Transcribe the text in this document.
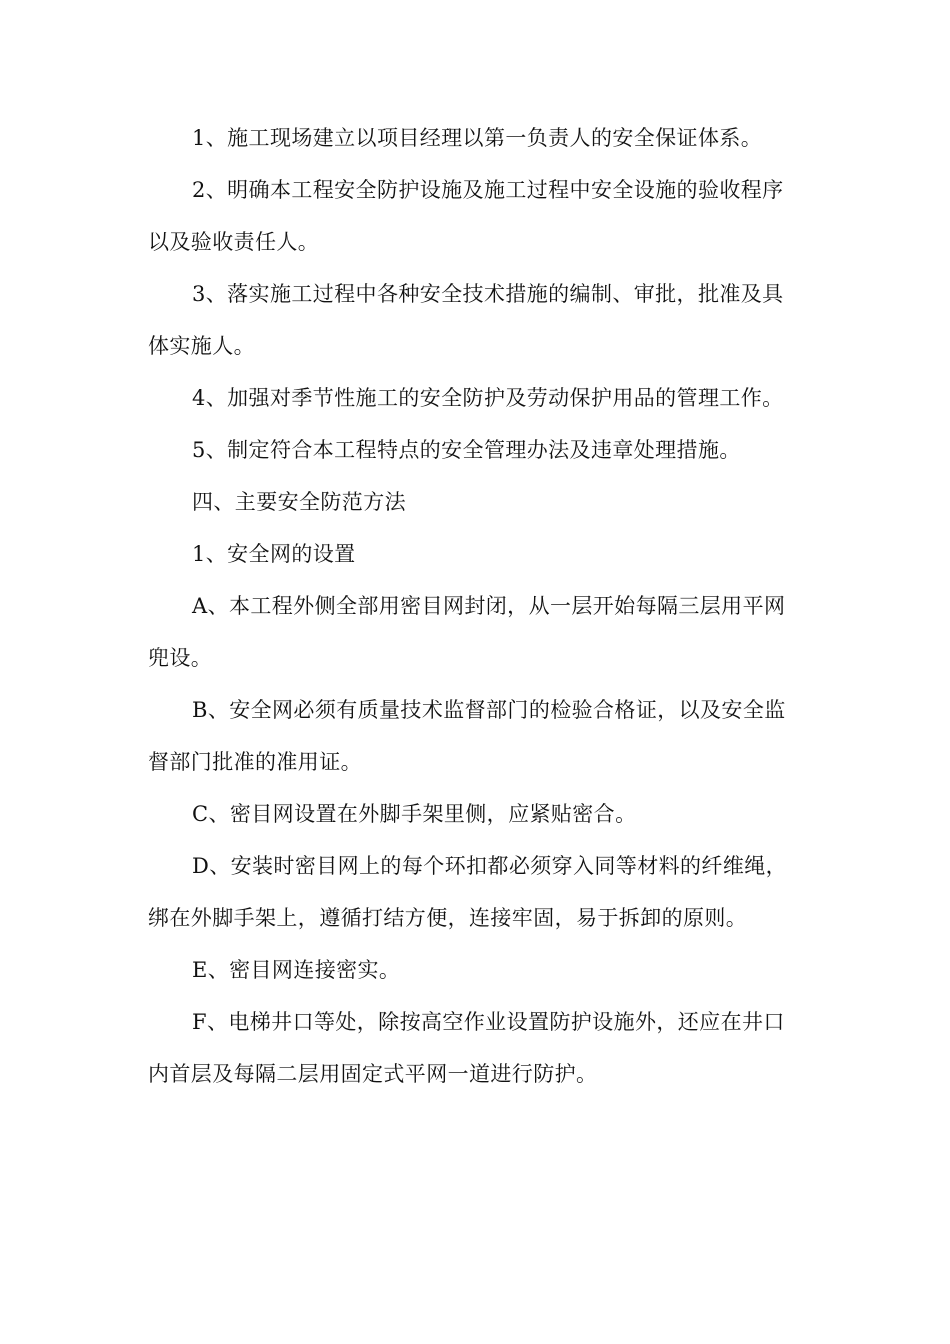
1、施工现场建立以项目经理以第一负责人的安全保证体系。

2、明确本工程安全防护设施及施工过程中安全设施的验收程序以及验收责任人。

3、落实施工过程中各种安全技术措施的编制、审批，批准及具体实施人。

4、加强对季节性施工的安全防护及劳动保护用品的管理工作。

5、制定符合本工程特点的安全管理办法及违章处理措施。

四、主要安全防范方法

1、安全网的设置

A、本工程外侧全部用密目网封闭，从一层开始每隔三层用平网兜设。

B、安全网必须有质量技术监督部门的检验合格证，以及安全监督部门批准的准用证。

C、密目网设置在外脚手架里侧，应紧贴密合。

D、安装时密目网上的每个环扣都必须穿入同等材料的纤维绳，绑在外脚手架上，遵循打结方便，连接牢固，易于拆卸的原则。

E、密目网连接密实。

F、电梯井口等处，除按高空作业设置防护设施外，还应在井口内首层及每隔二层用固定式平网一道进行防护。
